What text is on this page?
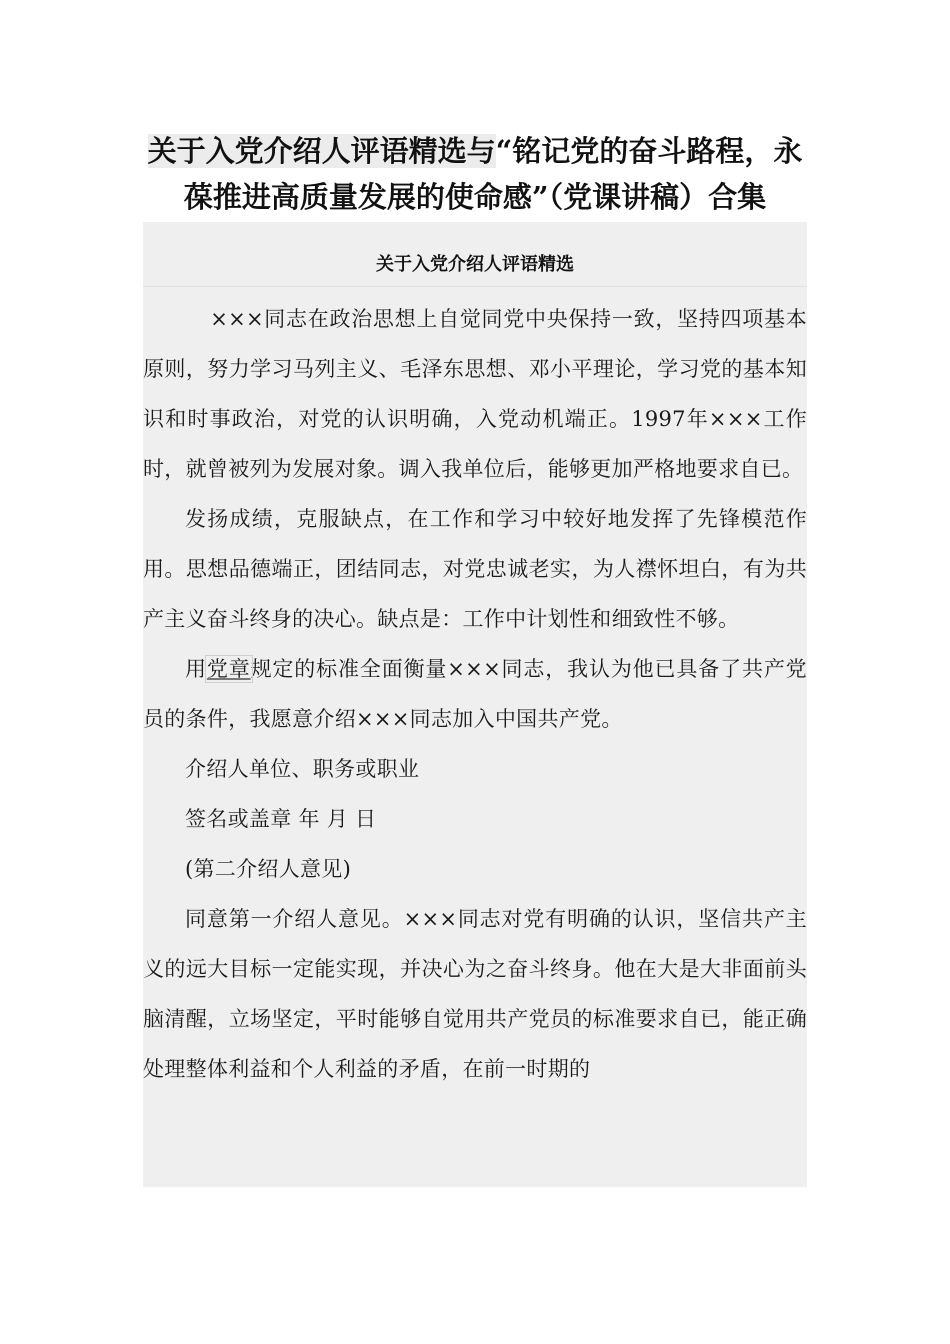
关于入党介绍人评语精选与“铭记党的奋斗路程，永葆推进高质量发展的使命感”（党课讲稿）合集
关于入党介绍人评语精选

×××同志在政治思想上自觉同党中央保持一致，坚持四项基本原则，努力学习马列主义、毛泽东思想、邓小平理论，学习党的基本知识和时事政治，对党的认识明确，入党动机端正。1997年×××工作时，就曾被列为发展对象。调入我单位后，能够更加严格地要求自已。

发扬成绩，克服缺点，在工作和学习中较好地发挥了先锋模范作用。思想品德端正，团结同志，对党忠诚老实，为人襟怀坦白，有为共产主义奋斗终身的决心。缺点是：工作中计划性和细致性不够。

用党章规定的标准全面衡量×××同志，我认为他已具备了共产党员的条件，我愿意介绍×××同志加入中国共产党。

介绍人单位、职务或职业

签名或盖章 年 月 日

(第二介绍人意见)

同意第一介绍人意见。×××同志对党有明确的认识，坚信共产主义的远大目标一定能实现，并决心为之奋斗终身。他在大是大非面前头脑清醒，立场坚定，平时能够自觉用共产党员的标准要求自已，能正确处理整体利益和个人利益的矛盾，在前一时期的
